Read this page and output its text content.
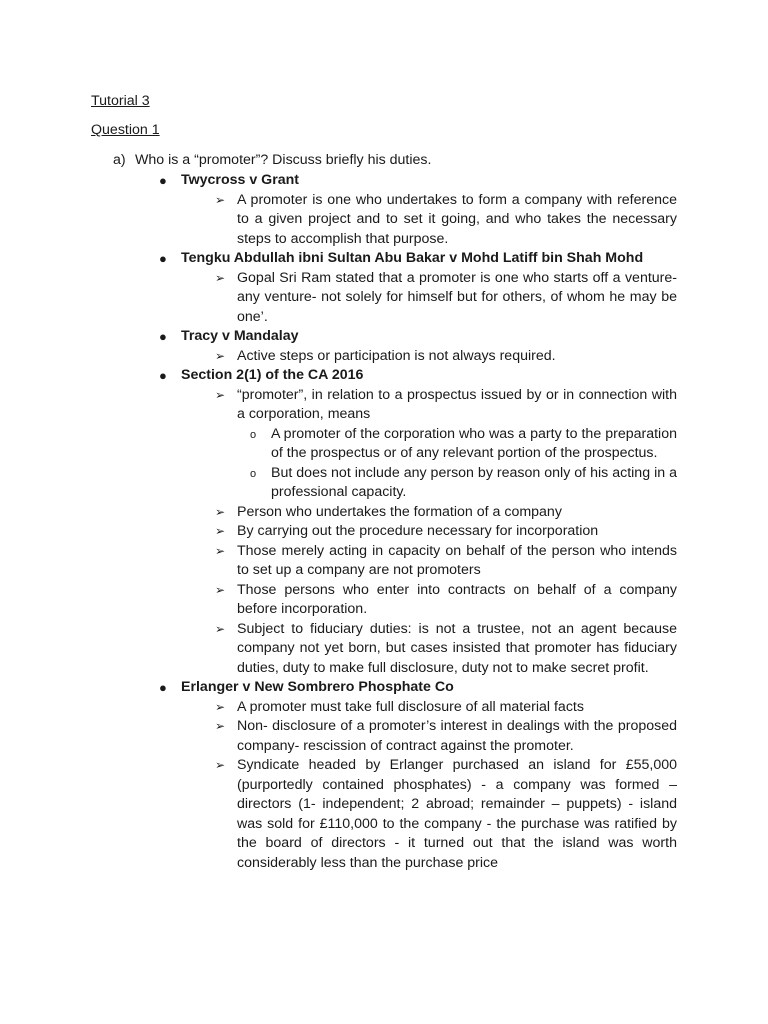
Tutorial 3
Question 1
a) Who is a “promoter”? Discuss briefly his duties.
● Twycross v Grant
➢ A promoter is one who undertakes to form a company with reference to a given project and to set it going, and who takes the necessary steps to accomplish that purpose.
● Tengku Abdullah ibni Sultan Abu Bakar v Mohd Latiff bin Shah Mohd
➢ Gopal Sri Ram stated that a promoter is one who starts off a venture- any venture- not solely for himself but for others, of whom he may be one’.
● Tracy v Mandalay
➢ Active steps or participation is not always required.
● Section 2(1) of the CA 2016
➢ “promoter”, in relation to a prospectus issued by or in connection with a corporation, means
o A promoter of the corporation who was a party to the preparation of the prospectus or of any relevant portion of the prospectus.
o But does not include any person by reason only of his acting in a professional capacity.
➢ Person who undertakes the formation of a company
➢ By carrying out the procedure necessary for incorporation
➢ Those merely acting in capacity on behalf of the person who intends to set up a company are not promoters
➢ Those persons who enter into contracts on behalf of a company before incorporation.
➢ Subject to fiduciary duties: is not a trustee, not an agent because company not yet born, but cases insisted that promoter has fiduciary duties, duty to make full disclosure, duty not to make secret profit.
● Erlanger v New Sombrero Phosphate Co
➢ A promoter must take full disclosure of all material facts
➢ Non- disclosure of a promoter’s interest in dealings with the proposed company- rescission of contract against the promoter.
➢ Syndicate headed by Erlanger purchased an island for £55,000 (purportedly contained phosphates) - a company was formed – directors (1- independent; 2 abroad; remainder – puppets) - island was sold for £110,000 to the company - the purchase was ratified by the board of directors - it turned out that the island was worth considerably less than the purchase price
